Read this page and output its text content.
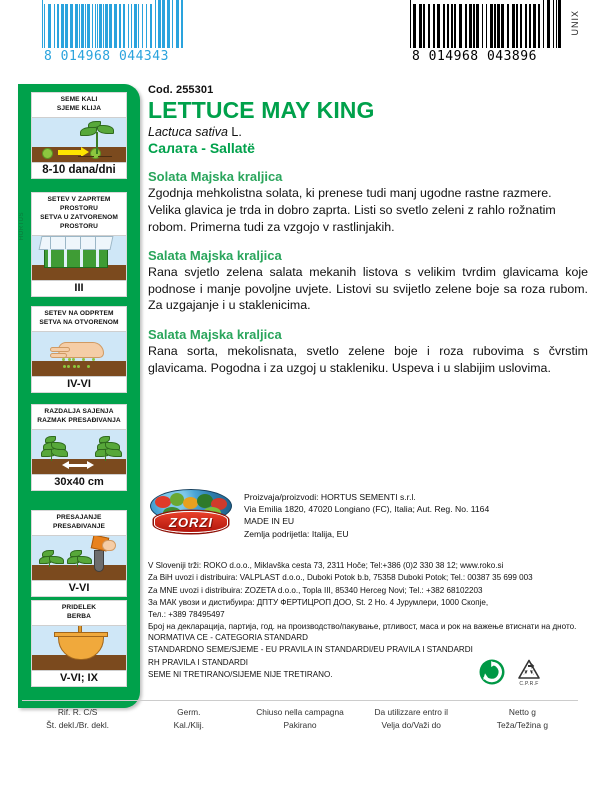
8 014968 044343	8 014968 043896
UNIX
HORTUS
SEME KALI
SJEME KLIJA
8-10 dana/dni
SETEV V ZAPRTEM
PROSTORU
SETVA U ZATVORENOM
PROSTORU
III
SETEV NA ODPRTEM
SETVA NA OTVORENOM
IV-VI
RAZDALJA SAJENJA
RAZMAK PRESAĐIVANJA
30x40 cm
PRESAJANJE
PRESAĐIVANJE
V-VI
PRIDELEK
BERBA
V-VI; IX
Cod. 255301
LETTUCE MAY KING
Lactuca sativa L.
Салата - Sallatë
Solata Majska kraljica
Zgodnja mehkolistna solata, ki prenese tudi manj ugodne rastne razmere. Velika glavica je trda in dobro zaprta. Listi so svetlo zeleni z rahlo rožnatim robom. Primerna tudi za vzgojo v rastlinjakih.
Salata Majska kraljica
Rana svjetlo zelena salata mekanih listova s velikim tvrdim glavicama koje podnose i manje povoljne uvjete. Listovi su svijetlo zelene boje sa roza rubom. Za uzgajanje i u staklenicima.
Salata Majska kraljica
Rana sorta, mekolisnata, svetlo zelene boje i roza rubovima s čvrstim glavicama. Pogodna i za uzgoj u stakleniku. Uspeva i u slabijim uslovima.
ZORZI
Proizvaja/proizvodi: HORTUS SEMENTI s.r.l.
Via Emilia 1820, 47020 Longiano (FC), Italia; Aut. Reg. No. 1164
MADE IN EU
Zemlja podrijetla: Italija, EU
V Sloveniji trži: ROKO d.o.o., Miklavška cesta 73, 2311 Hoče; Tel:+386 (0)2 330 38 12; www.roko.si
Za BiH uvozi i distribuira: VALPLAST d.o.o., Duboki Potok b.b, 75358 Duboki Potok; Tel.: 00387 35 699 003
Za MNE uvozi i distribuira: ZOZETA d.o.o., Topla III, 85340 Herceg Novi; Tel.: +382 68102203
За МАК увози и дистибуира: ДПТУ ФЕРТИЦРОП ДОО, St. 2 Но. 4 Јурумлери, 1000 Скопје,
Тел.: +389 78495497
Број на декларација, партија, год. на производство/пакување, ртливост, маса и рок на важење втиснати на дното.
NORMATIVA CE - CATEGORIA STANDARD
STANDARDNO SEME/SJEME - EU PRAVILA IN STANDARDI/EU PRAVILA I STANDARDI
RH PRAVILA I STANDARDI
SEME NI TRETIRANO/SIJEME NIJE TRETIRANO.
C.P.R.F
Rif. R. C/S
Št. dekl./Br. dekl.
Germ.
Kal./Klij.
Chiuso nella campagna
Pakirano
Da utilizzare entro il
Velja do/Važi do
Netto g
Teža/Težina g
